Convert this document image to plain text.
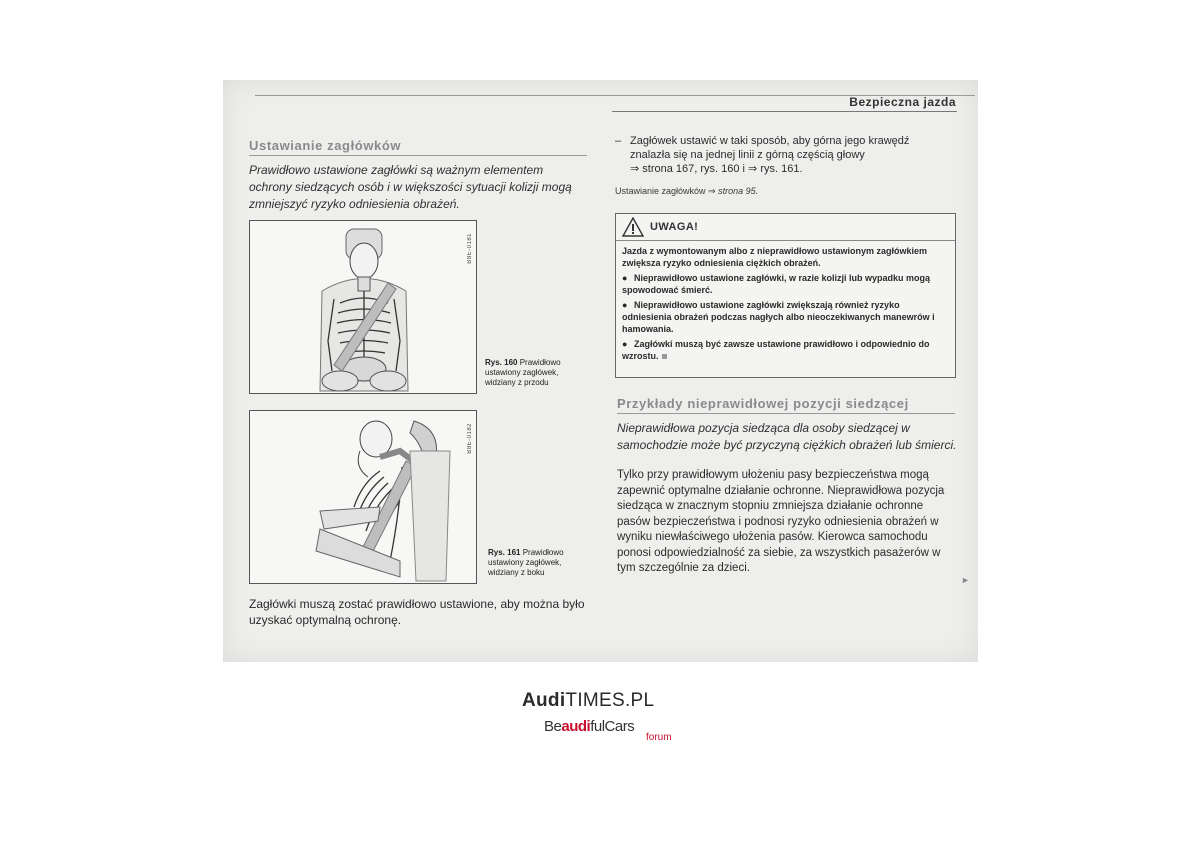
Bezpieczna jazda
Ustawianie zagłówków

Prawidłowo ustawione zagłówki są ważnym elementem ochrony siedzących osób i w większości sytuacji kolizji mogą zmniejszyć ryzyko odniesienia obrażeń.

B8E-0181
Rys. 160 Prawidłowo ustawiony zagłówek, widziany z przodu
B8E-0182
Rys. 161 Prawidłowo ustawiony zagłówek, widziany z boku

Zagłówki muszą zostać prawidłowo ustawione, aby można było uzyskać optymalną ochronę.

– Zagłówek ustawić w taki sposób, aby górna jego krawędź
znalazła się na jednej linii z górną częścią głowy
⇒ strona 167, rys. 160 i ⇒ rys. 161.

Ustawianie zagłówków ⇒ strona 95.

UWAGA!

Jazda z wymontowanym albo z nieprawidłowo ustawionym zagłówkiem zwiększa ryzyko odniesienia ciężkich obrażeń.

● Nieprawidłowo ustawione zagłówki, w razie kolizji lub wypadku mogą spowodować śmierć.

● Nieprawidłowo ustawione zagłówki zwiększają również ryzyko odniesienia obrażeń podczas nagłych albo nieoczekiwanych manewrów i hamowania.

● Zagłówki muszą być zawsze ustawione prawidłowo i odpowiednio do wzrostu.

Przykłady nieprawidłowej pozycji siedzącej

Nieprawidłowa pozycja siedząca dla osoby siedzącej w samochodzie może być przyczyną ciężkich obrażeń lub śmierci.

Tylko przy prawidłowym ułożeniu pasy bezpieczeństwa mogą zapewnić optymalne działanie ochronne. Nieprawidłowa pozycja siedząca w znacznym stopniu zmniejsza działanie ochronne pasów bezpieczeństwa i podnosi ryzyko odniesienia obrażeń w wyniku niewłaściwego ułożenia pasów. Kierowca samochodu ponosi odpowiedzialność za siebie, za wszystkich pasażerów w tym szczególnie za dzieci.

►
AudiTIMES.PL
BeaudifulCars
forum
